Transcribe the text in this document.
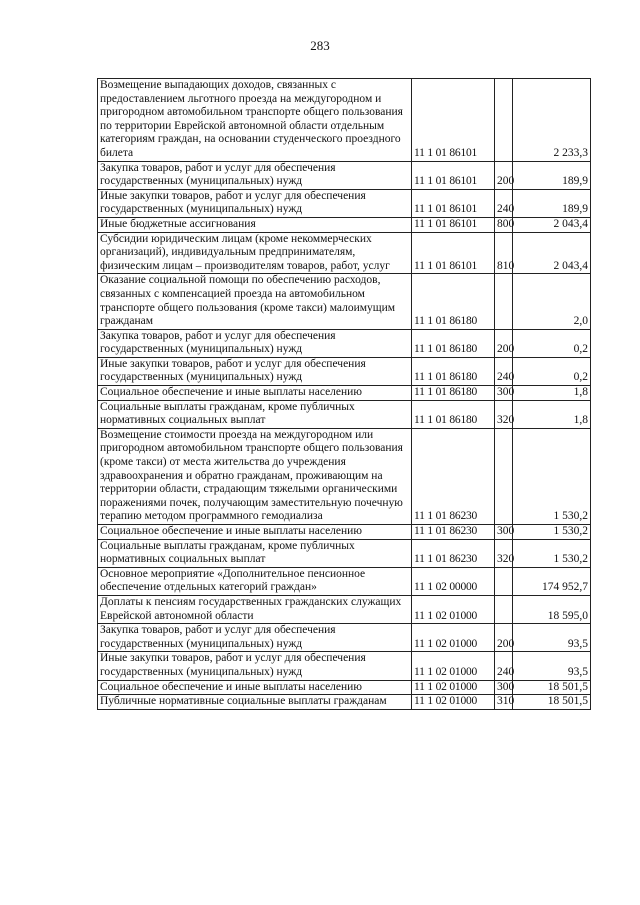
283
Возмещение выпадающих доходов, связанных с предоставлением льготного проезда на междугородном и пригородном автомобильном транспорте общего пользования по территории Еврейской автономной области отдельным категориям граждан, на основании студенческого проездного билета	11 1 01 86101		2 233,3
Закупка товаров, работ и услуг для обеспечения государственных (муниципальных) нужд	11 1 01 86101	200	189,9
Иные закупки товаров, работ и услуг для обеспечения государственных (муниципальных) нужд	11 1 01 86101	240	189,9
Иные бюджетные ассигнования	11 1 01 86101	800	2 043,4
Субсидии юридическим лицам (кроме некоммерческих организаций), индивидуальным предпринимателям, физическим лицам – производителям товаров, работ, услуг	11 1 01 86101	810	2 043,4
Оказание социальной помощи по обеспечению расходов, связанных с компенсацией проезда на автомобильном транспорте общего пользования (кроме такси) малоимущим гражданам	11 1 01 86180		2,0
Закупка товаров, работ и услуг для обеспечения государственных (муниципальных) нужд	11 1 01 86180	200	0,2
Иные закупки товаров, работ и услуг для обеспечения государственных (муниципальных) нужд	11 1 01 86180	240	0,2
Социальное обеспечение и иные выплаты населению	11 1 01 86180	300	1,8
Социальные выплаты гражданам, кроме публичных нормативных социальных выплат	11 1 01 86180	320	1,8
Возмещение стоимости проезда на междугородном или пригородном автомобильном транспорте общего пользования (кроме такси) от места жительства до учреждения здравоохранения и обратно гражданам, проживающим на территории области, страдающим тяжелыми органическими поражениями почек, получающим заместительную почечную терапию методом программного гемодиализа	11 1 01 86230		1 530,2
Социальное обеспечение и иные выплаты населению	11 1 01 86230	300	1 530,2
Социальные выплаты гражданам, кроме публичных нормативных социальных выплат	11 1 01 86230	320	1 530,2
Основное мероприятие «Дополнительное пенсионное обеспечение отдельных категорий граждан»	11 1 02 00000		174 952,7
Доплаты к пенсиям государственных гражданских служащих Еврейской автономной области	11 1 02 01000		18 595,0
Закупка товаров, работ и услуг для обеспечения государственных (муниципальных) нужд	11 1 02 01000	200	93,5
Иные закупки товаров, работ и услуг для обеспечения государственных (муниципальных) нужд	11 1 02 01000	240	93,5
Социальное обеспечение и иные выплаты населению	11 1 02 01000	300	18 501,5
Публичные нормативные социальные выплаты гражданам	11 1 02 01000	310	18 501,5
